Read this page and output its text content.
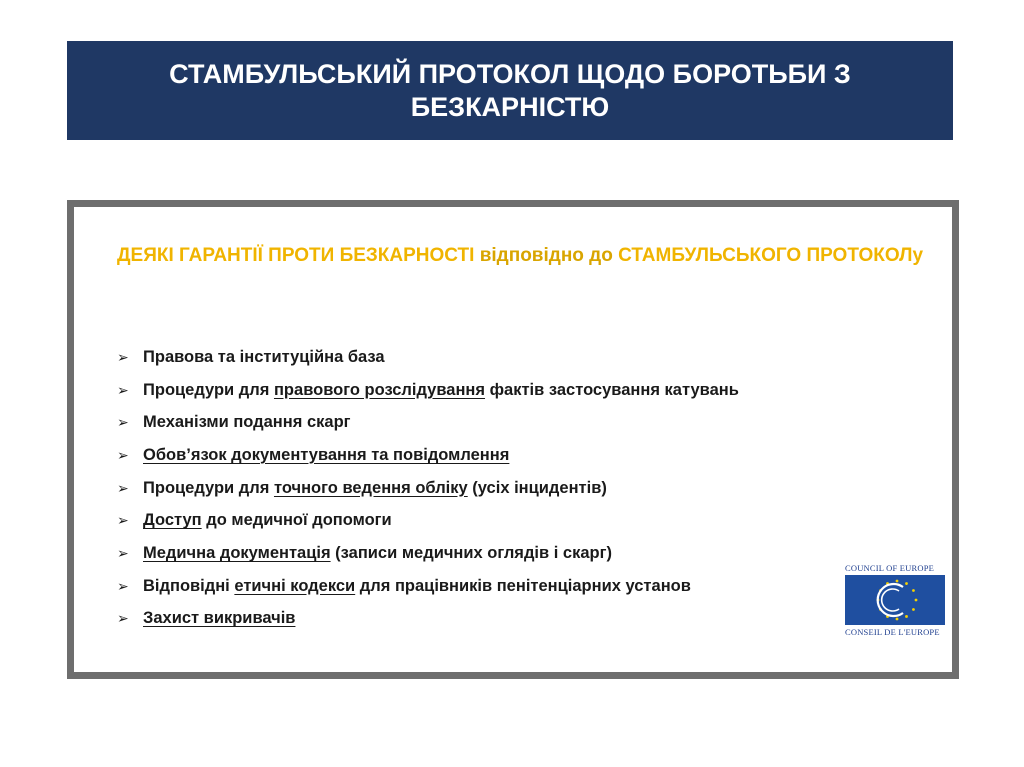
СТАМБУЛЬСЬКИЙ ПРОТОКОЛ ЩОДО БОРОТЬБИ З
БЕЗКАРНІСТЮ
ДЕЯКІ ГАРАНТІЇ ПРОТИ БЕЗКАРНОСТІ відповідно до СТАМБУЛЬСЬКОГО ПРОТОКОЛу
➢ Правова та інституційна база
➢ Процедури для
правового розслідування
фактів застосування катувань
➢ Механізми подання скарг
➢ Обов’язок документування та повідомлення
➢ Процедури для
точного ведення обліку
(усіх інцидентів)
➢ Доступ
до медичної допомоги
➢ Медична документація
(записи медичних оглядів і скарг)
➢ Відповідні
етичні кодекси
для працівників пенітенціарних установ
➢ Захист викривачів
COUNCIL OF EUROPE
CONSEIL DE L'EUROPE
